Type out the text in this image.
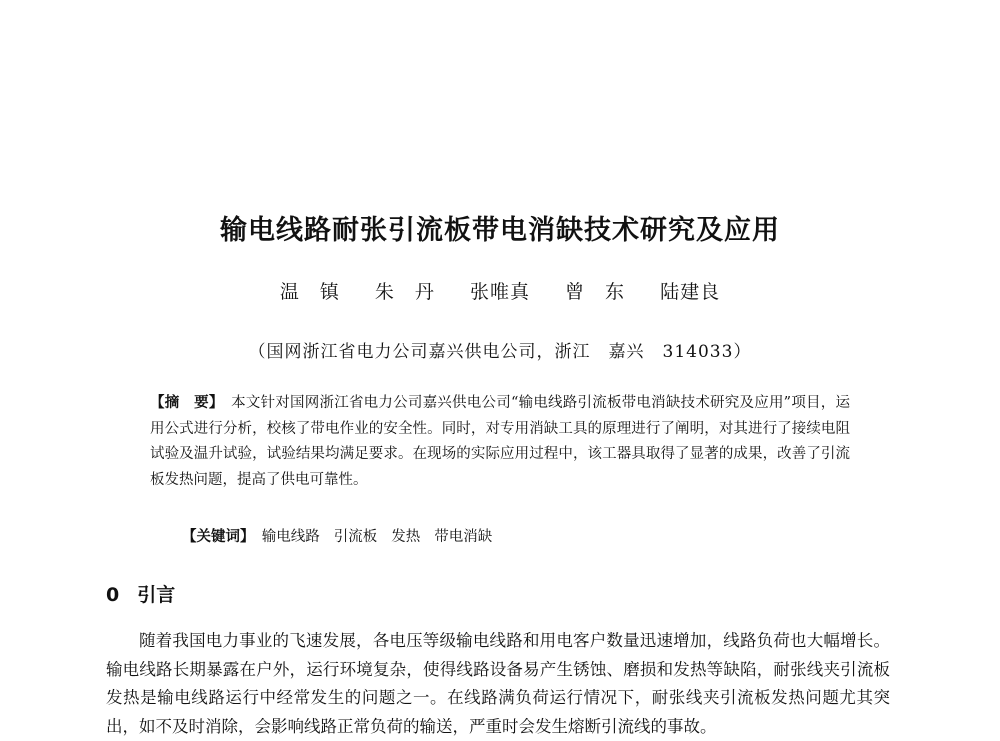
输电线路耐张引流板带电消缺技术研究及应用
温　镇 朱　丹 张唯真 曾　东 陆建良
（国网浙江省电力公司嘉兴供电公司，浙江　嘉兴　314033）

【摘　要】　 本文针对国网浙江省电力公司嘉兴供电公司“输电线路引流板带电消缺技术研究及应用”项目，运用公式进行分析，校核了带电作业的安全性。同时，对专用消缺工具的原理进行了阐明，对其进行了接续电阻试验及温升试验，试验结果均满足要求。在现场的实际应用过程中，该工器具取得了显著的成果，改善了引流板发热问题，提高了供电可靠性。

【关键词】　 输电线路 引流板 发热 带电消缺
0 引言

随着我国电力事业的飞速发展，各电压等级输电线路和用电客户数量迅速增加，线路负荷也大幅增长。输电线路长期暴露在户外，运行环境复杂，使得线路设备易产生锈蚀、磨损和发热等缺陷，耐张线夹引流板发热是输电线路运行中经常发生的问题之一。在线路满负荷运行情况下，耐张线夹引流板发热问题尤其突出，如不及时消除，会影响线路正常负荷的输送，严重时会发生熔断引流线的事故。
